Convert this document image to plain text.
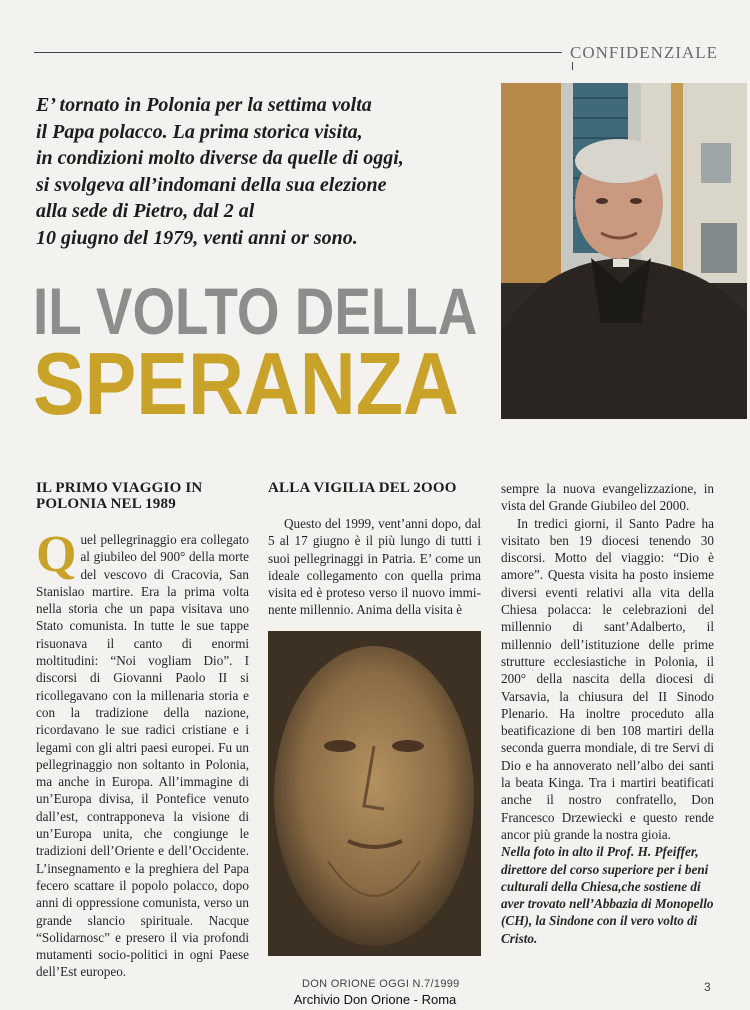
CONFIDENZIALE
E’ tornato in Polonia per la settima volta
il Papa polacco. La prima storica visita,
in condizioni molto diverse da quelle di oggi,
si svolgeva all’indomani della sua elezione
alla sede di Pietro, dal 2 al
10 giugno del 1979, venti anni or sono.
IL VOLTO DELLA
SPERANZA
IL PRIMO VIAGGIO IN POLONIA NEL 1989

Quel pellegrinaggio era collegato al giubileo del 900° della morte del vescovo di Cracovia, San Stanislao martire. Era la prima volta nella storia che un papa visitava uno Stato comunista. In tutte le sue tappe risuonava il canto di enormi moltitudini: “Noi vogliam Dio”. I discorsi di Giovanni Paolo II si ricollegavano con la millenaria storia e con la tradizione della nazione, ricordavano le sue radici cristiane e i legami con gli altri paesi europei. Fu un pellegrinaggio non soltanto in Polonia, ma anche in Europa. All’immagine di un’Europa divisa, il Pontefice venuto dall’est, contrapponeva la visione di un’Europa unita, che congiunge le tradizioni dell’Oriente e dell’Occidente. L’insegnamento e la preghiera del Papa fecero scattare il popolo polacco, dopo anni di oppressione comunista, verso un grande slancio spirituale. Nacque “Solidarnosc” e presero il via profondi mutamenti socio-politici in ogni Paese dell’Est europeo.

ALLA VIGILIA DEL 2OOO

Questo del 1999, vent’anni dopo, dal 5 al 17 giugno è il più lungo di tutti i suoi pellegrinaggi in Patria. E’ come un ideale collegamento con quella prima visita ed è proteso verso il nuovo immi-nente millennio. Anima della visita è

sempre la nuova evangelizzazione, in vista del Grande Giubileo del 2000.

In tredici giorni, il Santo Padre ha visitato ben 19 diocesi tenendo 30 discorsi. Motto del viaggio: “Dio è amore”. Questa visita ha posto insieme diversi eventi relativi alla vita della Chiesa polacca: le celebrazioni del millennio di sant’Adalberto, il millennio dell’istituzione delle prime strutture ecclesiastiche in Polonia, il 200° della nascita della diocesi di Varsavia, la chiusura del II Sinodo Plenario. Ha inoltre proceduto alla beatificazione di ben 108 martiri della seconda guerra mondiale, di tre Servi di Dio e ha annoverato nell’albo dei santi la beata Kinga. Tra i martiri beatificati anche il nostro confratello, Don Francesco Drzewiecki e questo rende ancor più grande la nostra gioia.

Nella foto in alto il Prof. H. Pfeiffer, direttore del corso superiore per i beni culturali della Chiesa,che sostiene di aver trovato nell’Abbazia di Monopello (CH), la Sindone con il vero volto di Cristo.

DON ORIONE OGGI N.7/1999	3
Archivio Don Orione - Roma
